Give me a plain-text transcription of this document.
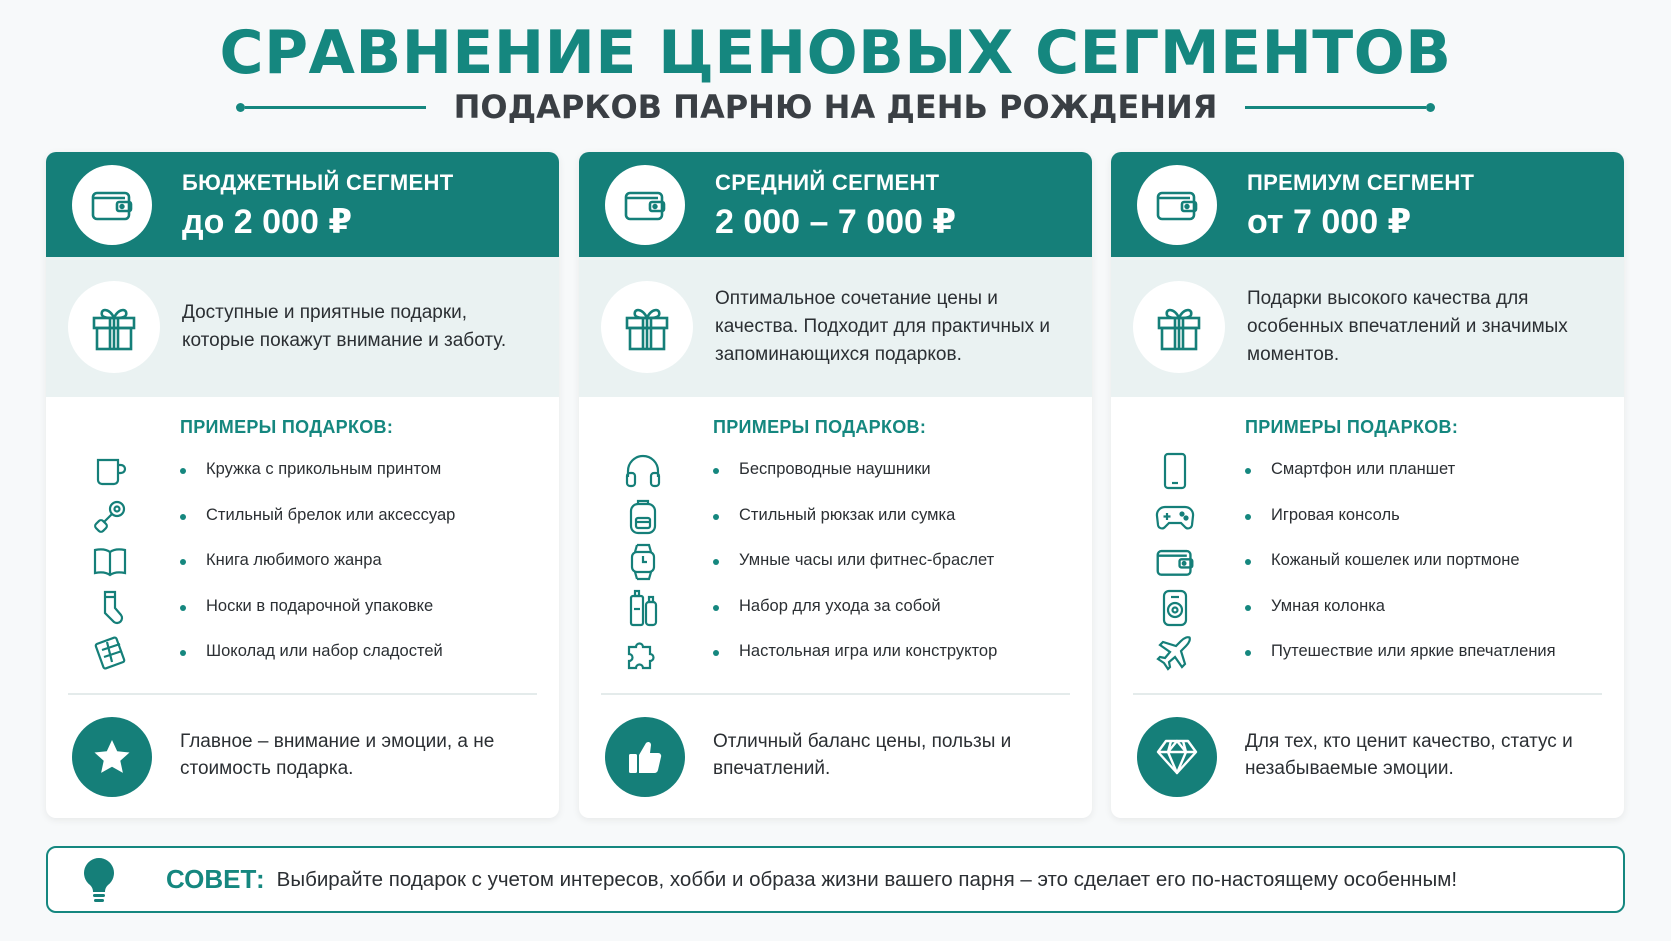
СРАВНЕНИЕ ЦЕНОВЫХ СЕГМЕНТОВ
ПОДАРКОВ ПАРНЮ НА ДЕНЬ РОЖДЕНИЯ
БЮДЖЕТНЫЙ СЕГМЕНТ
до 2 000 ₽
Доступные и приятные подарки, которые покажут внимание и заботу.
ПРИМЕРЫ ПОДАРКОВ:
Кружка с прикольным принтом
Стильный брелок или аксессуар
Книга любимого жанра
Носки в подарочной упаковке
Шоколад или набор сладостей
Главное – внимание и эмоции, а не стоимость подарка.
СРЕДНИЙ СЕГМЕНТ
2 000 – 7 000 ₽
Оптимальное сочетание цены и качества. Подходит для практичных и запоминающихся подарков.
ПРИМЕРЫ ПОДАРКОВ:
Беспроводные наушники
Стильный рюкзак или сумка
Умные часы или фитнес-браслет
Набор для ухода за собой
Настольная игра или конструктор
Отличный баланс цены, пользы и впечатлений.
ПРЕМИУМ СЕГМЕНТ
от 7 000 ₽
Подарки высокого качества для особенных впечатлений и значимых моментов.
ПРИМЕРЫ ПОДАРКОВ:
Смартфон или планшет
Игровая консоль
Кожаный кошелек или портмоне
Умная колонка
Путешествие или яркие впечатления
Для тех, кто ценит качество, статус и незабываемые эмоции.
СОВЕТ: Выбирайте подарок с учетом интересов, хобби и образа жизни вашего парня – это сделает его по-настоящему особенным!
